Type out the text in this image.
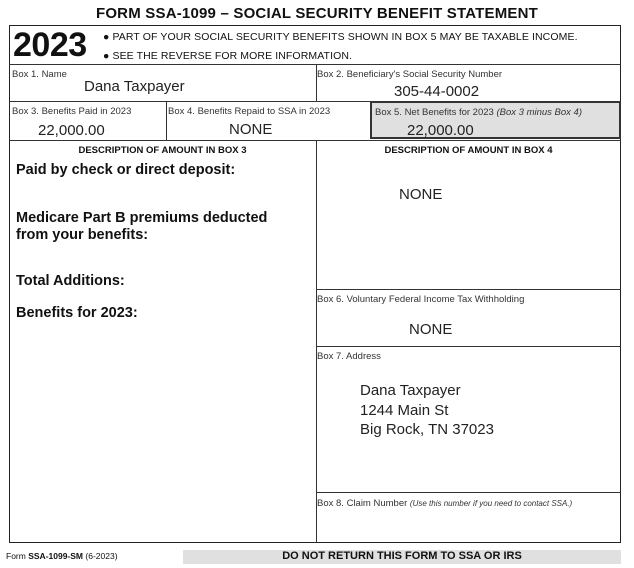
FORM SSA-1099 – SOCIAL SECURITY BENEFIT STATEMENT
2023 ● PART OF YOUR SOCIAL SECURITY BENEFITS SHOWN IN BOX 5 MAY BE TAXABLE INCOME.
● SEE THE REVERSE FOR MORE INFORMATION.
Box 1. Name
Dana Taxpayer
Box 2. Beneficiary's Social Security Number
305-44-0002
Box 3. Benefits Paid in 2023
22,000.00
Box 4. Benefits Repaid to SSA in 2023
NONE
Box 5. Net Benefits for 2023 (Box 3 minus Box 4)
22,000.00
DESCRIPTION OF AMOUNT IN BOX 3
Paid by check or direct deposit:
Medicare Part B premiums deducted
from your benefits:
Total Additions:
Benefits for 2023:
DESCRIPTION OF AMOUNT IN BOX 4
NONE
Box 6. Voluntary Federal Income Tax Withholding
NONE
Box 7. Address
Dana Taxpayer
1244 Main St
Big Rock, TN 37023
Box 8. Claim Number (Use this number if you need to contact SSA.)
Form SSA-1099-SM (6-2023)	DO NOT RETURN THIS FORM TO SSA OR IRS
